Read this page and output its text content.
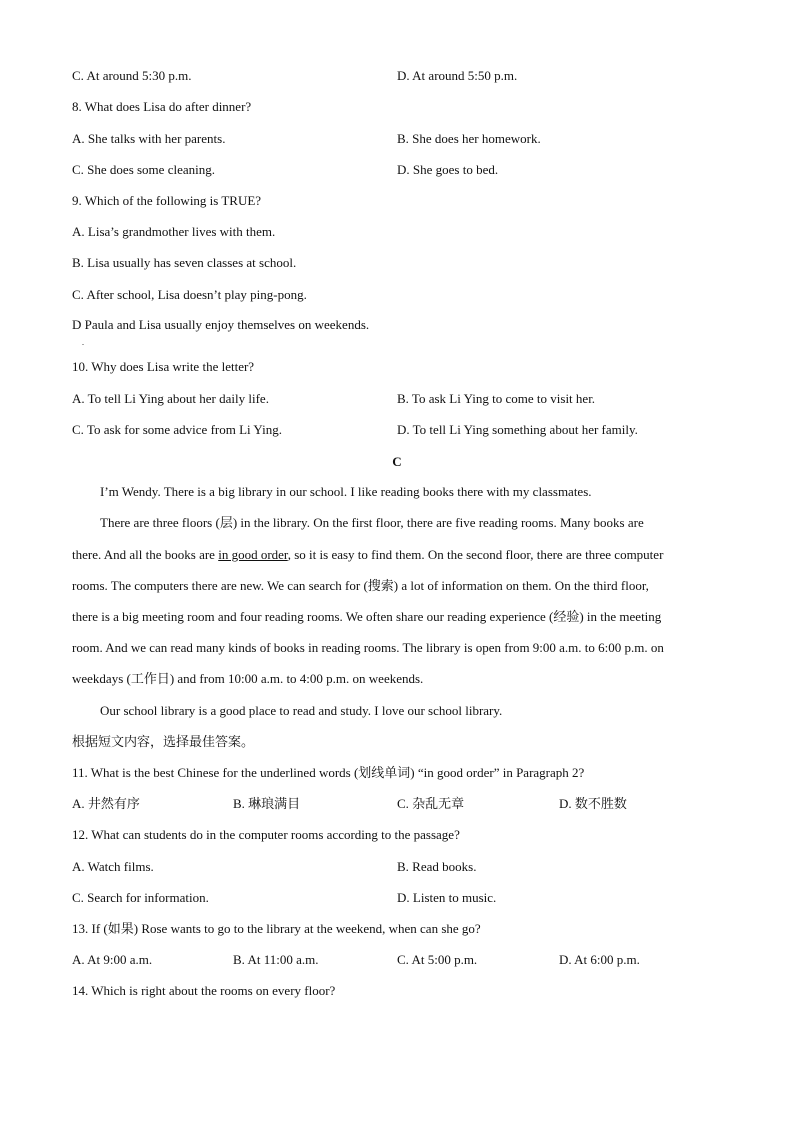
C. At around 5:30 p.m.	D. At around 5:50 p.m.
8. What does Lisa do after dinner?
A. She talks with her parents.	B. She does her homework.
C. She does some cleaning.	D. She goes to bed.
9. Which of the following is TRUE?
A. Lisa’s grandmother lives with them.
B. Lisa usually has seven classes at school.
C. After school, Lisa doesn’t play ping-pong.
D Paula and Lisa usually enjoy themselves on weekends.
.
10. Why does Lisa write the letter?
A. To tell Li Ying about her daily life.	B. To ask Li Ying to come to visit her.
C. To ask for some advice from Li Ying.	D. To tell Li Ying something about her family.
C
I’m Wendy. There is a big library in our school. I like reading books there with my classmates.
There are three floors (层) in the library. On the first floor, there are five reading rooms. Many books are
there. And all the books are in good order, so it is easy to find them. On the second floor, there are three computer
rooms. The computers there are new. We can search for (搜索) a lot of information on them. On the third floor,
there is a big meeting room and four reading rooms. We often share our reading experience (经验) in the meeting
room. And we can read many kinds of books in reading rooms. The library is open from 9:00 a.m. to 6:00 p.m. on
weekdays (工作日) and from 10:00 a.m. to 4:00 p.m. on weekends.
Our school library is a good place to read and study. I love our school library.
根据短文内容，选择最佳答案。
11. What is the best Chinese for the underlined words (划线单词) “in good order” in Paragraph 2?
A. 井然有序	B. 琳琅满目	C. 杂乱无章	D. 数不胜数
12. What can students do in the computer rooms according to the passage?
A. Watch films.	B. Read books.
C. Search for information.	D. Listen to music.
13. If (如果) Rose wants to go to the library at the weekend, when can she go?
A. At 9:00 a.m.	B. At 11:00 a.m.	C. At 5:00 p.m.	D. At 6:00 p.m.
14. Which is right about the rooms on every floor?
